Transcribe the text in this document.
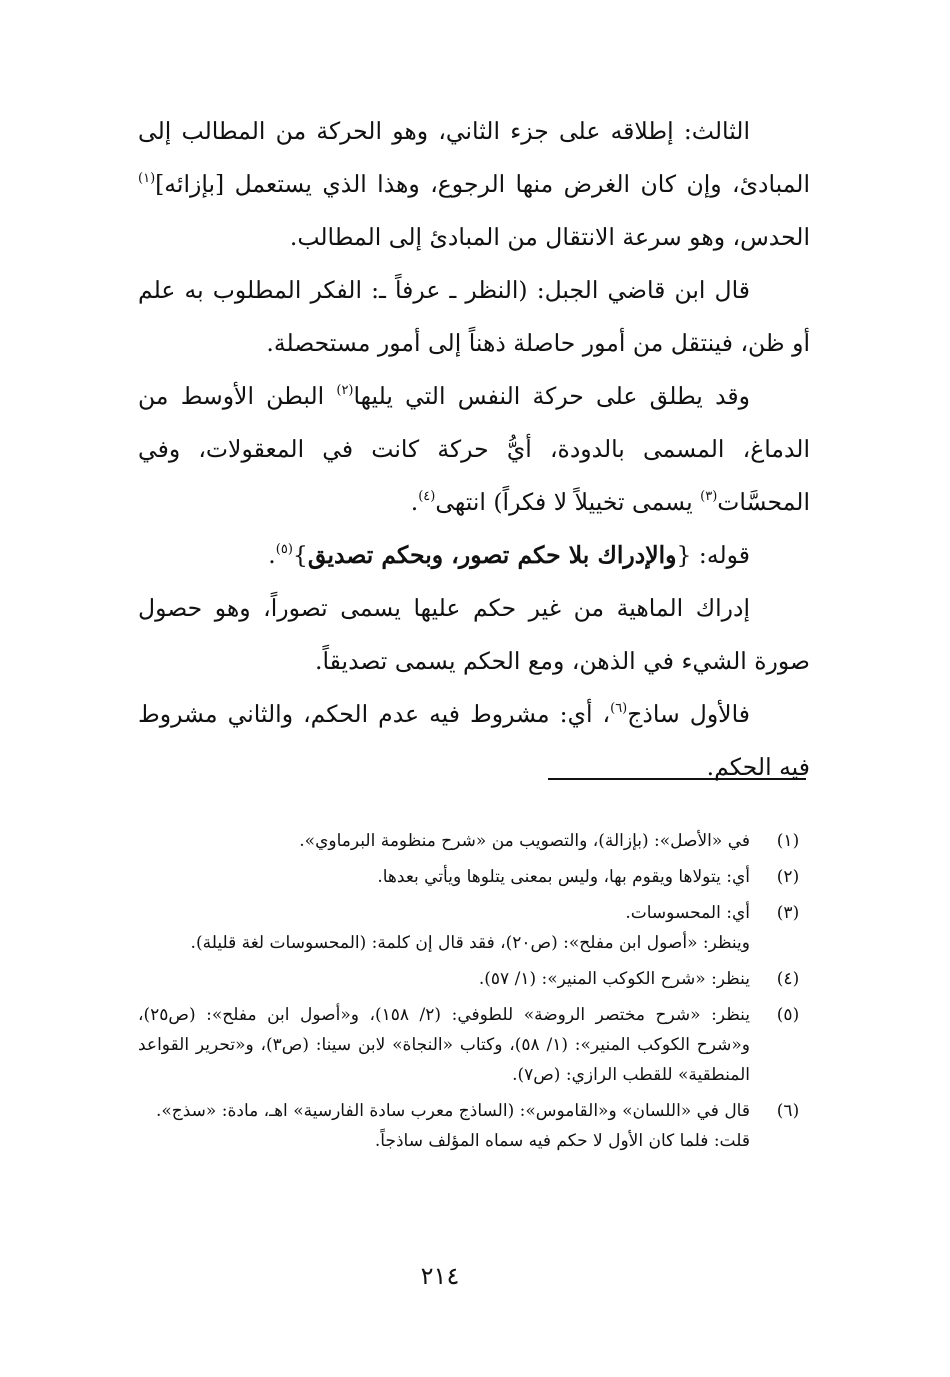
الثالث: إطلاقه على جزء الثاني، وهو الحركة من المطالب إلى المبادئ، وإن كان الغرض منها الرجوع، وهذا الذي يستعمل [بإزائه]$^{(١)}$ الحدس، وهو سرعة الانتقال من المبادئ إلى المطالب.

قال ابن قاضي الجبل: (النظر ـ عرفاً ـ: الفكر المطلوب به علم أو ظن، فينتقل من أمور حاصلة ذهناً إلى أمور مستحصلة.

وقد يطلق على حركة النفس التي يليها$^{(٢)}$ البطن الأوسط من الدماغ، المسمى بالدودة، أيُّ حركة كانت في المعقولات، وفي المحسَّات$^{(٣)}$ يسمى تخييلاً لا فكراً) انتهى$^{(٤)}$.

قوله: {والإدراك بلا حكم تصور، وبحكم تصديق}$^{(٥)}$.

إدراك الماهية من غير حكم عليها يسمى تصوراً، وهو حصول صورة الشيء في الذهن، ومع الحكم يسمى تصديقاً.

فالأول ساذج$^{(٦)}$، أي: مشروط فيه عدم الحكم، والثاني مشروط فيه الحكم.

(١)
في «الأصل»: (بإزالة)، والتصويب من «شرح منظومة البرماوي».
(٢)
أي: يتولاها ويقوم بها، وليس بمعنى يتلوها ويأتي بعدها.
(٣)
أي: المحسوسات.
وينظر: «أصول ابن مفلح»: (ص٢٠)، فقد قال إن كلمة: (المحسوسات لغة قليلة).
(٤)
ينظر: «شرح الكوكب المنير»: (١/ ٥٧).
(٥)
ينظر: «شرح مختصر الروضة» للطوفي: (٢/ ١٥٨)، و«أصول ابن مفلح»: (ص٢٥)، و«شرح الكوكب المنير»: (١/ ٥٨)، وكتاب «النجاة» لابن سينا: (ص٣)، و«تحرير القواعد المنطقية» للقطب الرازي: (ص٧).
(٦)
قال في «اللسان» و«القاموس»: (الساذج معرب سادة الفارسية» اهـ، مادة: «سذج».
قلت: فلما كان الأول لا حكم فيه سماه المؤلف ساذجاً.
٢١٤
